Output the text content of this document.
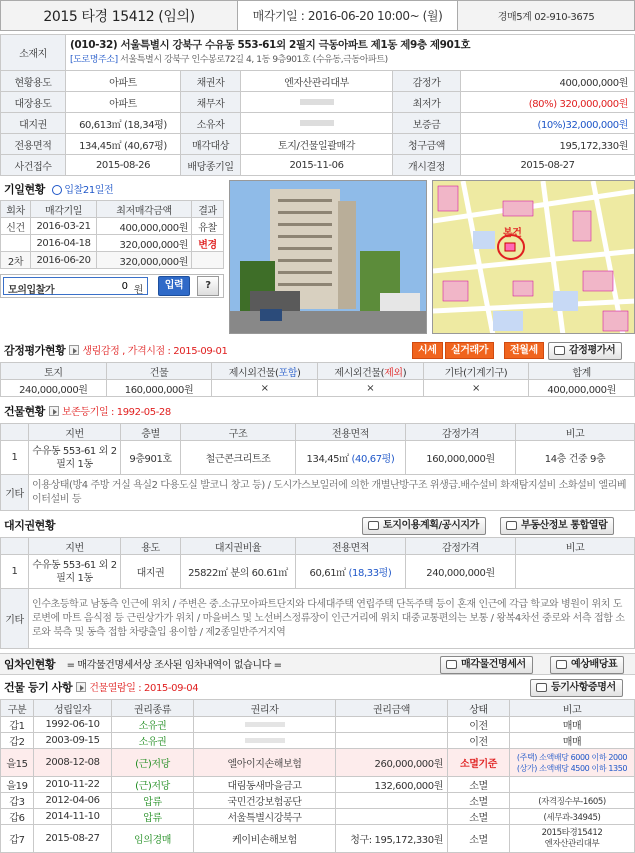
2015 타경 15412 (임의)	매각기일 : 2016-06-20 10:00~ (월)	경매5계 02-910-3675
소재지	(010-32) 서울특별시 강북구 수유동 553-61외 2필지 극동아파트 제1동 제9층 제901호
[도로명주소] 서울특별시 강북구 인수봉로72길 4, 1동 9층901호 (수유동,극동아파트)				

현황용도	아파트	채권자	엔자산관리대부	감정가	400,000,000원
대장용도	아파트	채무자		최저가	(80%) 320,000,000원
대지권	60,613㎡ (18,34평)	소유자		보증금	(10%)32,000,000원
전용면적	134,45㎡ (40,67평)	매각대상	토지/건물일괄매각	청구금액	195,172,330원
사건접수	2015-08-26	배당종기일	2015-11-06	개시결정	2015-08-27
기일현황 입찰21일전
회차	매각기일	최저매각금액	결과
신건	2016-03-21	400,000,000원	유찰
	2016-04-18	320,000,000원	변경
2차	2016-06-20	320,000,000원	
모의입찰가
0	원	입력	?
본건
감정평가현황 생림감정 , 가격시점 : 2015-09-01	시세	실거래가	전월세	감정평가서
토지	건물	제시외건물(포함)	제시외건물(제외)	기타(기계기구)	합계
240,000,000원	160,000,000원	×	×	×	400,000,000원
건물현황 보존등기일 : 1992-05-28
	지번	층별	구조	전용면적	감정가격	비고
1	수유동 553-61 외 2필지 1동	9층901호	철근콘크리트조	134,45㎡ (40,67평)	160,000,000원	14층 건중 9층
기타	이용상태(방4 주방 거실 욕실2 다용도실 발코니 창고 등) / 도시가스보일러에 의한 개별난방구조 위생급.배수설비 화재탐지설비 소화설비 엘리베이터설비 등					
대지권현황	토지이용계획/공시지가	부동산정보 통합열람
	지번	용도	대지권비율	전용면적	감정가격	비고
1	수유동 553-61 외 2필지 1동	대지권	25822㎡ 분의 60.61㎡	60,61㎡ (18,33평)	240,000,000원	
기타	인수초등학교 남동측 인근에 위치 / 주변은 중.소규모아파트단지와 다세대주택 연립주택 단독주택 등이 혼재 인근에 각급 학교와 병원이 위치 도로변에 마트 음식점 등 근린상가가 위치 / 마을버스 및 노선버스정류장이 인근거리에 위치 대중교통편의는 보통 / 왕복4차선 중로와 서측 접함 소로와 북측 및 동측 접함 차량출입 용이함 / 제2종일반주거지역					
임차인현황 = 매각물건명세서상 조사된 임차내역이 없습니다 =	매각물건명세서	예상배당표
건물 등기 사항 건물열람일 : 2015-09-04	등기사항증명서
구분	성립일자	권리종류	권리자	권리금액	상태	비고
갑1	1992-06-10	소유권			이전	매매
갑2	2003-09-15	소유권			이전	매매
을15	2008-12-08	(근)저당	엘아이지손해보험	260,000,000원	소멸기준	(주택) 소액배당 6000 이하 2000
(상가) 소액배당 4500 이하 1350

을19	2010-11-22	(근)저당	대림동새마을금고	132,600,000원	소멸	
갑3	2012-04-06	압류	국민건강보험공단		소멸	(자격징수부-1605)
갑6	2014-11-10	압류	서울특별시강북구		소멸	(세무과-34945)
갑7	2015-08-27	임의경매	케이비손해보험	청구: 195,172,330원	소멸	2015타경15412
엔자산관리대부
